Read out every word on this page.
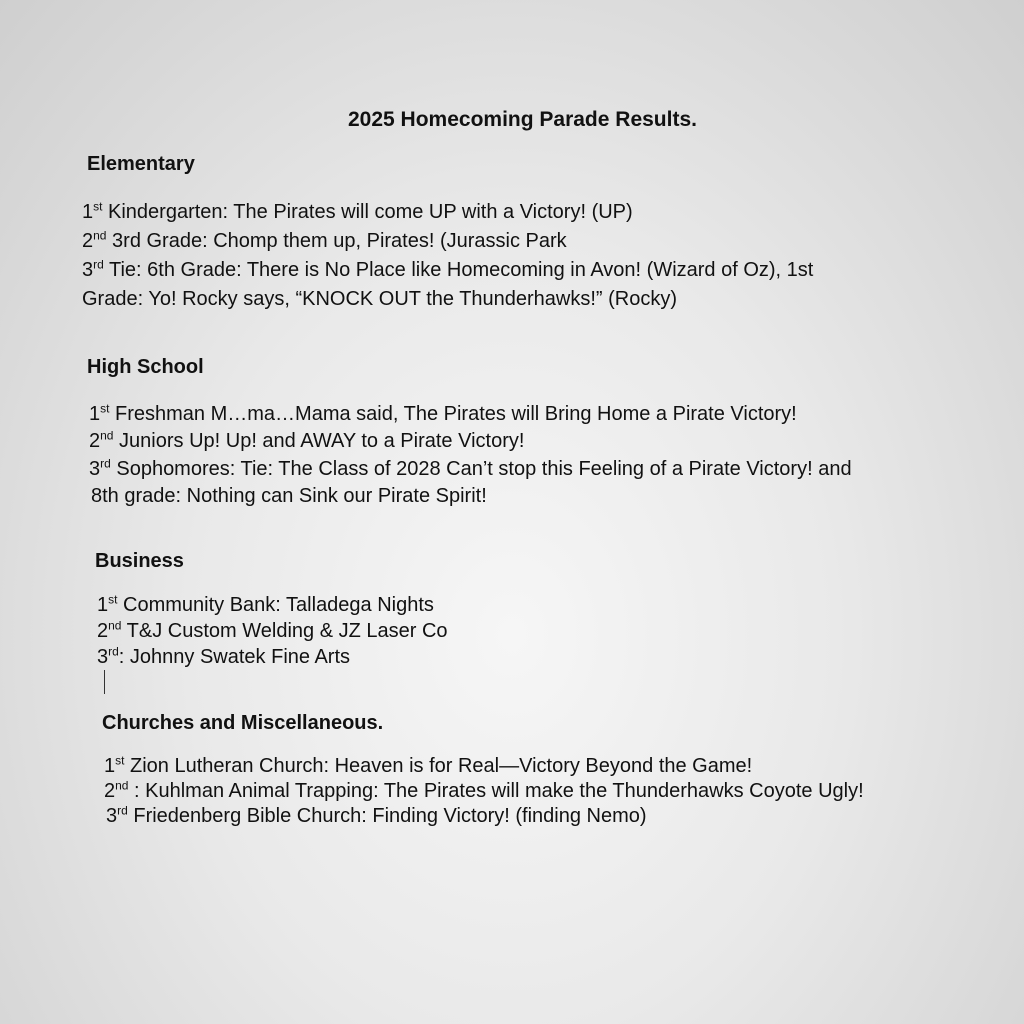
2025 Homecoming Parade Results.
Elementary
1st Kindergarten: The Pirates will come UP with a Victory! (UP)
2nd 3rd Grade: Chomp them up, Pirates! (Jurassic Park
3rd Tie: 6th Grade: There is No Place like Homecoming in Avon! (Wizard of Oz), 1st
Grade: Yo! Rocky says, “KNOCK OUT the Thunderhawks!” (Rocky)
High School
1st Freshman M…ma…Mama said, The Pirates will Bring Home a Pirate Victory!
2nd Juniors Up! Up! and AWAY to a Pirate Victory!
3rd Sophomores: Tie: The Class of 2028 Can’t stop this Feeling of a Pirate Victory! and
8th grade: Nothing can Sink our Pirate Spirit!
Business
1st Community Bank: Talladega Nights
2nd T&J Custom Welding & JZ Laser Co
3rd: Johnny Swatek Fine Arts
Churches and Miscellaneous.
1st Zion Lutheran Church: Heaven is for Real—Victory Beyond the Game!
2nd : Kuhlman Animal Trapping: The Pirates will make the Thunderhawks Coyote Ugly!
3rd Friedenberg Bible Church: Finding Victory! (finding Nemo)
